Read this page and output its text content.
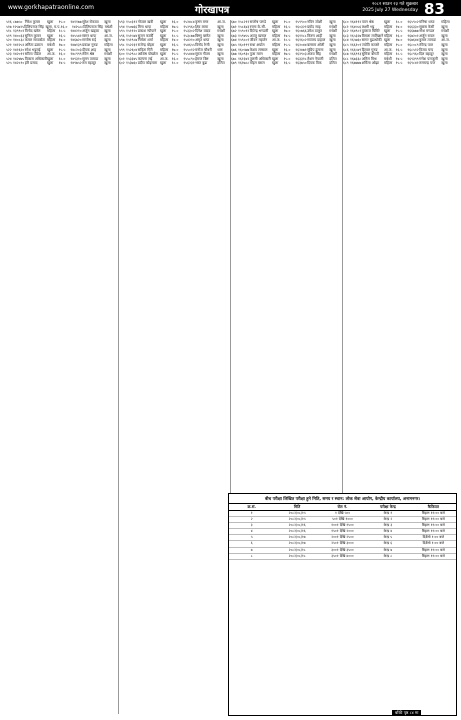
www.gorkhapatraonline.com	गोरखापत्र
२०८२ साउन २३ गते शुक्रबार
2025 July 27 Wednesday 83
५१६ ८७७५० निरेश कुमार	खुला	१५.०	१४११७७ सुरेश रोकाया	खुला
५१७ १२५७२५ दिलिपराज सिंह खुला, म.प. १६.०	१४२५८८ दिलिपराज सिंह मधेशी
५१८ १३९९०२ विनोद खरेल	महिला १८.५	१४४२१० अर्जुन खड्का	खुला
५१९ १४००३३ सुनिल कुमार	खुला	१६.५	१४५५४१ सागर थापा	आ.ज.
५२० १४०८३८ कमल सापकोटा महिला १४.०	१४६७२० सन्तोष राई	खुला
५२१ १४१२५२ अनिता ढकाल	मधेशी	१७.०	१४७१३९ प्रकाश गुरुङ	महिला
५२२ १४१६२० रमेश भट्टराई	खुला	१५.५	१४८२०३ दीपक शाह	खुला
५२३ १४२०११ सरिता पौडेल	आ.ज. १६.०	१४८९९९ रविन श्रेष्ठ	मधेशी
५२४ १४२४७५ विकास अधिकारी खुला	१८.०	१४९३१० सुमन तामाङ	खुला
५२५ १४२८९० हरि प्रसाद	खुला	१४.५	१४९७५२ राम बहादुर	खुला
५९३ १५०३१२ गोपाल खत्री	खुला	१६.०	१५२४८४ कृष्ण मगर	आ.ज.
५९४ १५०७६६ मिना थापा	महिला १७.५	१५२९६० शिव लामा	खुला
५९५ १५११२० प्रकाश न्यौपाने	खुला	१५.०	१५३३०२ दिनेश यादव	मधेशी
५९६ १५१५४४ सुजन कार्की	खुला	१८.५	१५३८७७ बिष्णु बस्नेत	खुला
५९७ १५१९८७ निर्मला शर्मा	महिला १४.०	१५४२१० अमृत थापा	खुला
५९८ १५२२३१ राजेन्द्र बोहरा	खुला	१६.५	१५४६५५ विनोद रेग्मी	खुला
५९९ १५२६०४ सविता गिरी	महिला १७.०	१५५०१२ मनोज चौधरी	थारु
६०० १५२९८८ आशिष पोखरेल खुला	१५.५	१५५४४४ सुरज गौतम	खुला
६०१ १५३३४५ कल्पना राई	आ.ज. १६.०	१५५८९० हेमन्त बिष्ट	खुला
६०२ १५३७६० प्रदीप कोइराला खुला	१८.०	१५६२३१ भरत बुढा	दलित
६७० १५८२११ सन्तोष पाण्डे	खुला	१५.०	१५९९०० नविन जोशी	खुला
६७१ १५८६४३ रचना के.सी.	महिला १६.५	१६०३२१ प्रमोद साह	मधेशी
६७२ १५९०१२ दिपेन्द्र भण्डारी	खुला	१७.०	१६०७६६ उमेश ठाकुर	मधेशी
६७३ १५९४५५ अञ्जु खनाल	महिला १४.५	१६११८८ किरण शाही	खुला
६७४ १५९८०१ जीवन महर्जन	आ.ज. १८.५	१६१६०२ सञ्जय दाहाल	खुला
६७५ १६०१९९ राधा अर्याल	महिला १५.५	१६२०४४ बलराम ओली	खुला
६७६ १६०५७७ केशव लम्साल	खुला	१६.०	१६२४७१ सुदिप ढुंगाना	खुला
६७७ १६०९३० पुजा मल्ल	महिला १७.५	१६२९०३ अजय सिंह	मधेशी
६७८ १६१३४२ तुलसी अधिकारी खुला	१५.०	१६३३१८ रोशन नेपाली	दलित
६७९ १६१७८८ मोहन बराल	खुला	१६.५	१६३७५० दिपक विक	दलित
६८० १६४११२ पवन श्रेष्ठ	खुला	१८.०	१६५९०२ मनिषा थापा	महिला
६८१ १६४५५६ लक्ष्मी भट्ट	महिला १४.०	१६६३३० सुबास केसी	खुला
६८२ १६४९८१ युवराज घिमिरे	खुला	१५.५	१६६७७७ नरेश मण्डल	मधेशी
६८३ १६५३२७ बिमला लामिछाने महिला १६.०	१६७२०१ अर्जुन रावल	खुला
६८४ १६५७६० सागर बुढाथोकी खुला	१७.०	१६७६४४ कुमार तामाङ	आ.ज.
६८५ १६६१०१ ज्योति काफ्ले	महिला १५.०	१६८०८९ रविन्द्र पाल	खुला
६८६ १६६५४९ हिमाल गुरुङ	आ.ज. १६.५	१६८५१२ विजय चन्द	खुला
६८७ १६६९९३ सुमित्रा बोगटी	महिला १८.५	१६८९६० दिल बहादुर	खुला
६८८ १६७३३८ अनिल मिश्र	मधेशी	१४.५	१६९३९९ गणेश पराजुली खुला
६८९ १६७७७७ शर्मिला ओझा	महिला १५.५	१६९८४१ रामचन्द्र पन्त	खुला
बीच परीक्षा लिखित परीक्षा हुने मिति, समय र स्थान: लोक सेवा आयोग, केन्द्रीय कार्यालय, अनामनगर।
क्र.सं.	मिति	रोल नं.	परीक्षा केन्द्र	कैफियत
१	२०८२/०८/१५	१ देखि ५००	केन्द्र १	बिहान ११:०० बजे
२	२०८२/०८/१५	५०१ देखि १०००	केन्द्र २	बिहान ११:०० बजे
३	२०८२/०८/१६	१००१ देखि १५००	केन्द्र ३	बिहान ११:०० बजे
४	२०८२/०८/१६	१५०१ देखि २०००	केन्द्र ४	बिहान ११:०० बजे
५	२०८२/०८/१७	२००१ देखि २५००	केन्द्र ५	दिउँसो १:०० बजे
६	२०८२/०८/१७	२५०१ देखि ३०००	केन्द्र ६	दिउँसो १:०० बजे
७	२०८२/०८/१८	३००१ देखि ३५००	केन्द्र ७	बिहान ११:०० बजे
८	२०८२/०८/१८	३५०१ देखि ४०००	केन्द्र ८	बिहान ११:०० बजे
बाँकी पृष्ठ ८४ मा
